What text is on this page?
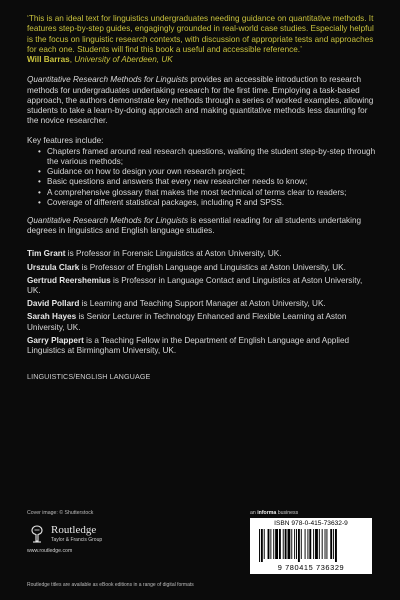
‘This is an ideal text for linguistics undergraduates needing guidance on quantitative methods. It features step-by-step guides, engagingly grounded in real-world case studies. Especially helpful is the focus on linguistic research contexts, with discussion of appropriate tests and approaches for each one. Students will find this book a useful and accessible reference.’

Will Barras, University of Aberdeen, UK

Quantitative Research Methods for Linguists provides an accessible introduction to research methods for undergraduates undertaking research for the first time. Employing a task-based approach, the authors demonstrate key methods through a series of worked examples, allowing students to take a learn-by-doing approach and making quantitative methods less daunting for the novice researcher.

Key features include:

• Chapters framed around real research questions, walking the student step-by-step through the various methods;
• Guidance on how to design your own research project;
• Basic questions and answers that every new researcher needs to know;
• A comprehensive glossary that makes the most technical of terms clear to readers;
• Coverage of different statistical packages, including R and SPSS.

Quantitative Research Methods for Linguists is essential reading for all students undertaking degrees in linguistics and English language studies.

Tim Grant is Professor in Forensic Linguistics at Aston University, UK.

Urszula Clark is Professor of English Language and Linguistics at Aston University, UK.

Gertrud Reershemius is Professor in Language Contact and Linguistics at Aston University, UK.

David Pollard is Learning and Teaching Support Manager at Aston University, UK.

Sarah Hayes is Senior Lecturer in Technology Enhanced and Flexible Learning at Aston University, UK.

Garry Plappert is a Teaching Fellow in the Department of English Language and Applied Linguistics at Birmingham University, UK.

LINGUISTICS/ENGLISH LANGUAGE
Cover image: © Shutterstock
Routledge
Taylor & Francis Group
www.routledge.com
an informa business
ISBN 978-0-415-73632-9
9 780415 736329
Routledge titles are available as eBook editions in a range of digital formats
